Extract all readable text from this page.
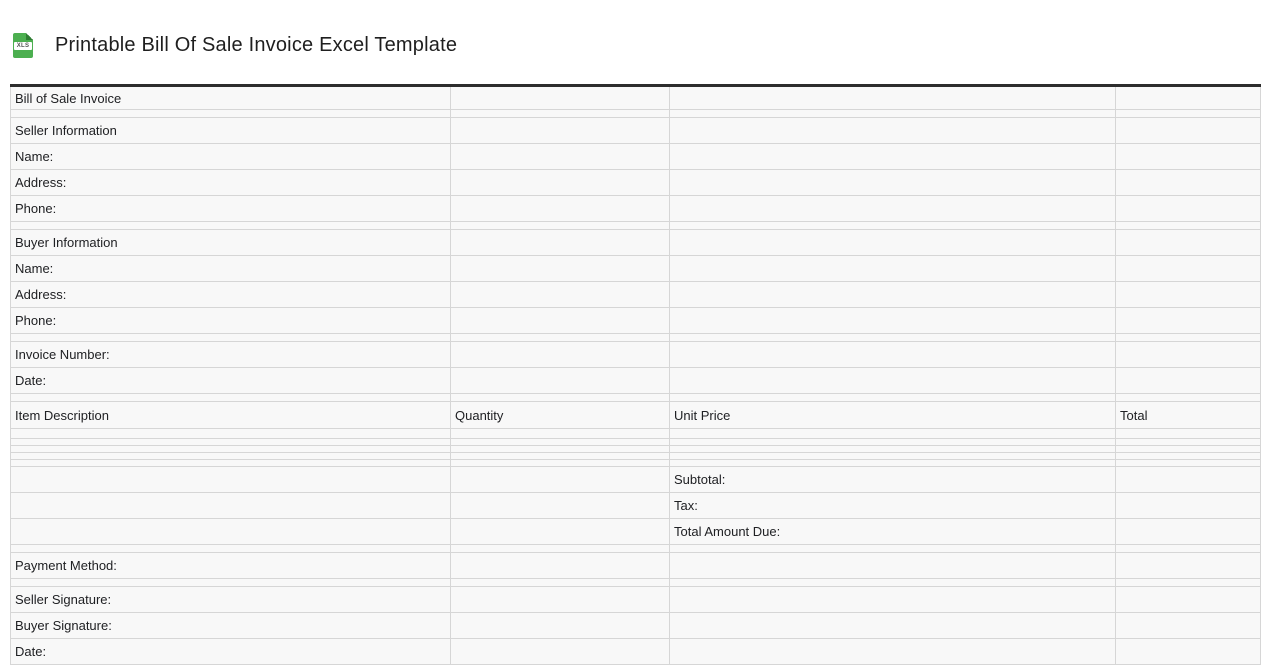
XLS Printable Bill Of Sale Invoice Excel Template
Bill of Sale Invoice			

Seller Information			
Name:			
Address:			
Phone:			

Buyer Information			
Name:			
Address:			
Phone:			

Invoice Number:			
Date:			

Item Description	Quantity	Unit Price	Total

		Subtotal:	
		Tax:	
		Total Amount Due:	

Payment Method:			

Seller Signature:			
Buyer Signature:			
Date:			
